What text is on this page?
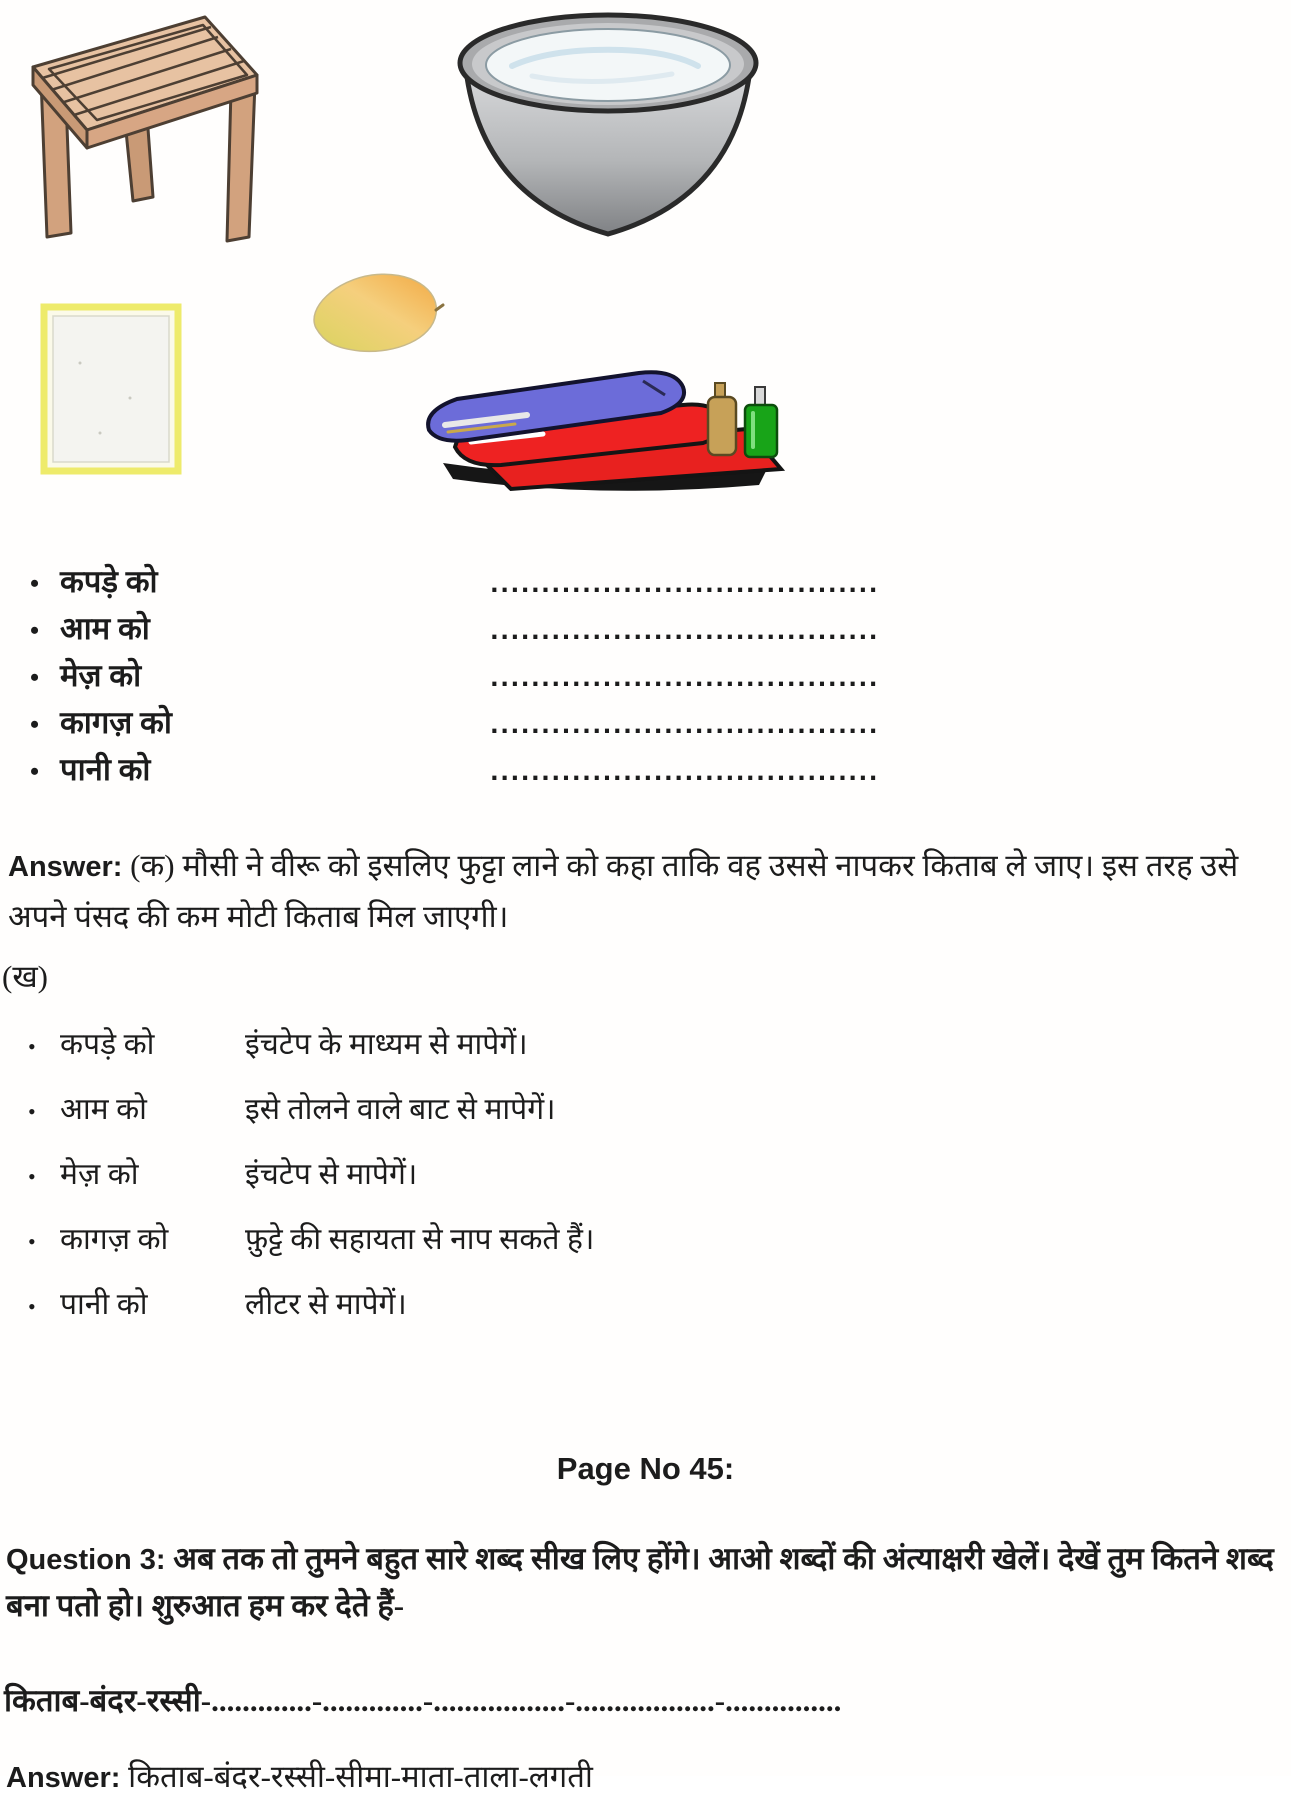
• कपड़े को	......................................
• आम को	......................................
• मेज़ को	......................................
• कागज़ को	......................................
• पानी को	......................................

Answer: (क) मौसी ने वीरू को इसलिए फुट्टा लाने को कहा ताकि वह उससे नापकर किताब ले जाए। इस तरह उसे अपने पंसद की कम मोटी किताब मिल जाएगी।

(ख)
• कपड़े को	इंचटेप के माध्यम से मापेगें।
• आम को	इसे तोलने वाले बाट से मापेगें।
• मेज़ को	इंचटेप से मापेगें।
• कागज़ को	फ़ुट्टे की सहायता से नाप सकते हैं।
• पानी को	लीटर से मापेगें।
Page No 45:

Question 3: अब तक तो तुमने बहुत सारे शब्द सीख लिए होंगे। आओ शब्दों की अंत्याक्षरी खेलें। देखें तुम कितने शब्द बना पतो हो। शुरुआत हम कर देते हैं-

किताब-बंदर-रस्सी-.............-.............-.................-..................-...............

Answer: किताब-बंदर-रस्सी-सीमा-माता-ताला-लगती
